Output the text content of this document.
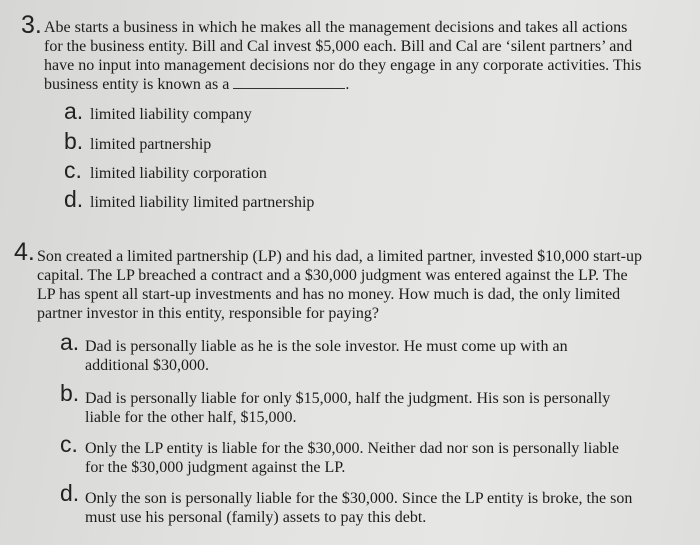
3. Abe starts a business in which he makes all the management decisions and takes all actions for the business entity. Bill and Cal invest $5,000 each. Bill and Cal are ‘silent partners’ and have no input into management decisions nor do they engage in any corporate activities. This business entity is known as a	.

a. limited liability company

b. limited partnership

c. limited liability corporation

d. limited liability limited partnership

4. Son created a limited partnership (LP) and his dad, a limited partner, invested $10,000 start-up capital. The LP breached a contract and a $30,000 judgment was entered against the LP. The LP has spent all start-up investments and has no money. How much is dad, the only limited partner investor in this entity, responsible for paying?

a. Dad is personally liable as he is the sole investor. He must come up with an additional $30,000.

b. Dad is personally liable for only $15,000, half the judgment. His son is personally liable for the other half, $15,000.

c. Only the LP entity is liable for the $30,000. Neither dad nor son is personally liable for the $30,000 judgment against the LP.

d. Only the son is personally liable for the $30,000. Since the LP entity is broke, the son must use his personal (family) assets to pay this debt.
